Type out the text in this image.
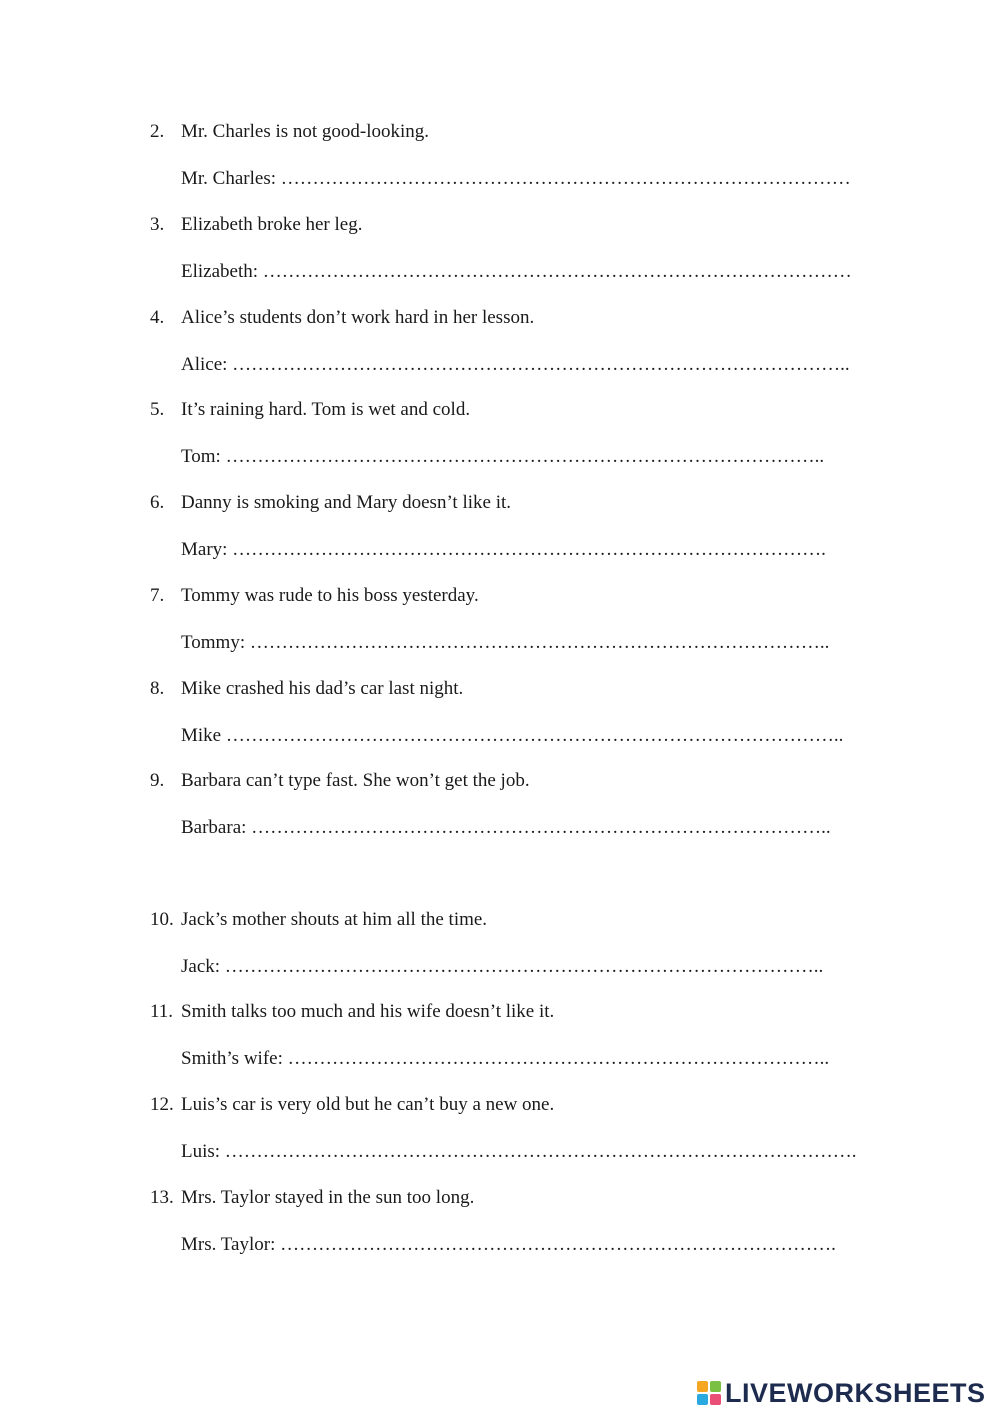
2. Mr. Charles is not good-looking.
Mr. Charles: ………………………………………………………………………………
3. Elizabeth broke her leg.
Elizabeth: …………………………………………………………………………………
4. Alice’s students don’t work hard in her lesson.
Alice: ……………………………………………………………………………………..
5. It’s raining hard. Tom is wet and cold.
Tom: …………………………………………………………………………………..
6. Danny is smoking and Mary doesn’t like it.
Mary: ………………………………………………………………………………….
7. Tommy was rude to his boss yesterday.
Tommy: ………………………………………………………………………………..
8. Mike crashed his dad’s car last night.
Mike ……………………………………………………………………………………..
9. Barbara can’t type fast. She won’t get the job.
Barbara: ………………………………………………………………………………..
10. Jack’s mother shouts at him all the time.
Jack: …………………………………………………………………………………..
11. Smith talks too much and his wife doesn’t like it.
Smith’s wife: …………………………………………………………………………..
12. Luis’s car is very old but he can’t buy a new one.
Luis: ……………………………………………………………………………………….
13. Mrs. Taylor stayed in the sun too long.
Mrs. Taylor: …………………………………………………………………………….
LIVEWORKSHEETS
